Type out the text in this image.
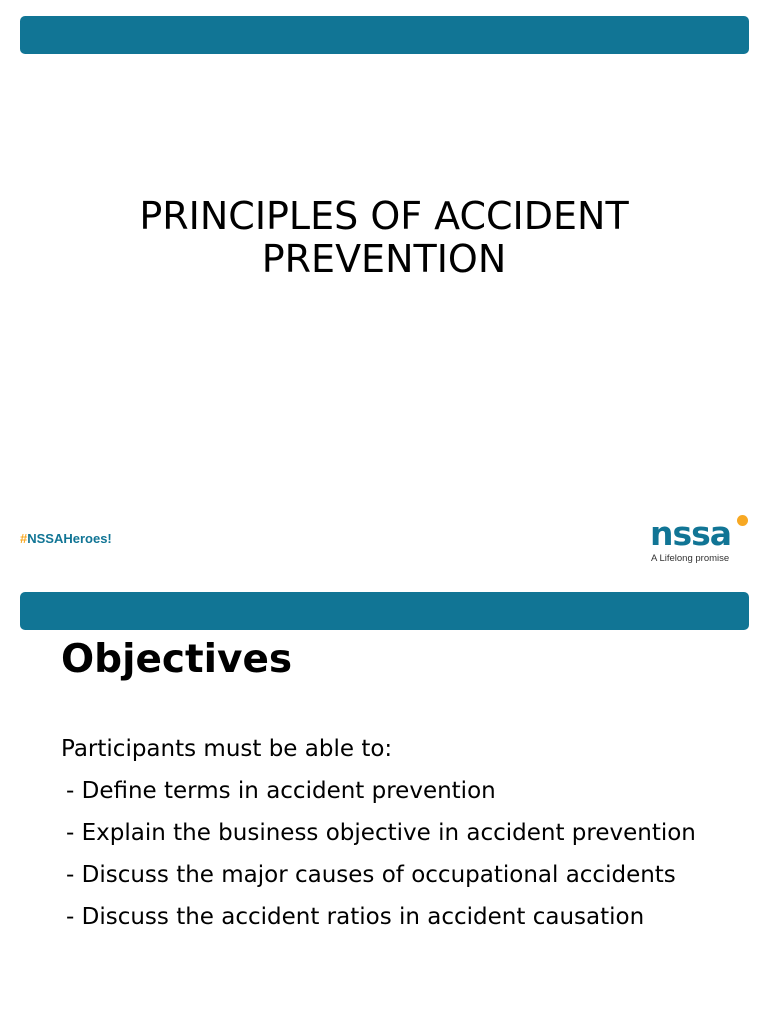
PRINCIPLES OF ACCIDENT
PREVENTION
#NSSAHeroes!	nssa
A Lifelong promise
Objectives

Participants must be able to:

- Define terms in accident prevention
- Explain the business objective in accident prevention
- Discuss the major causes of occupational accidents
- Discuss the accident ratios in accident causation
